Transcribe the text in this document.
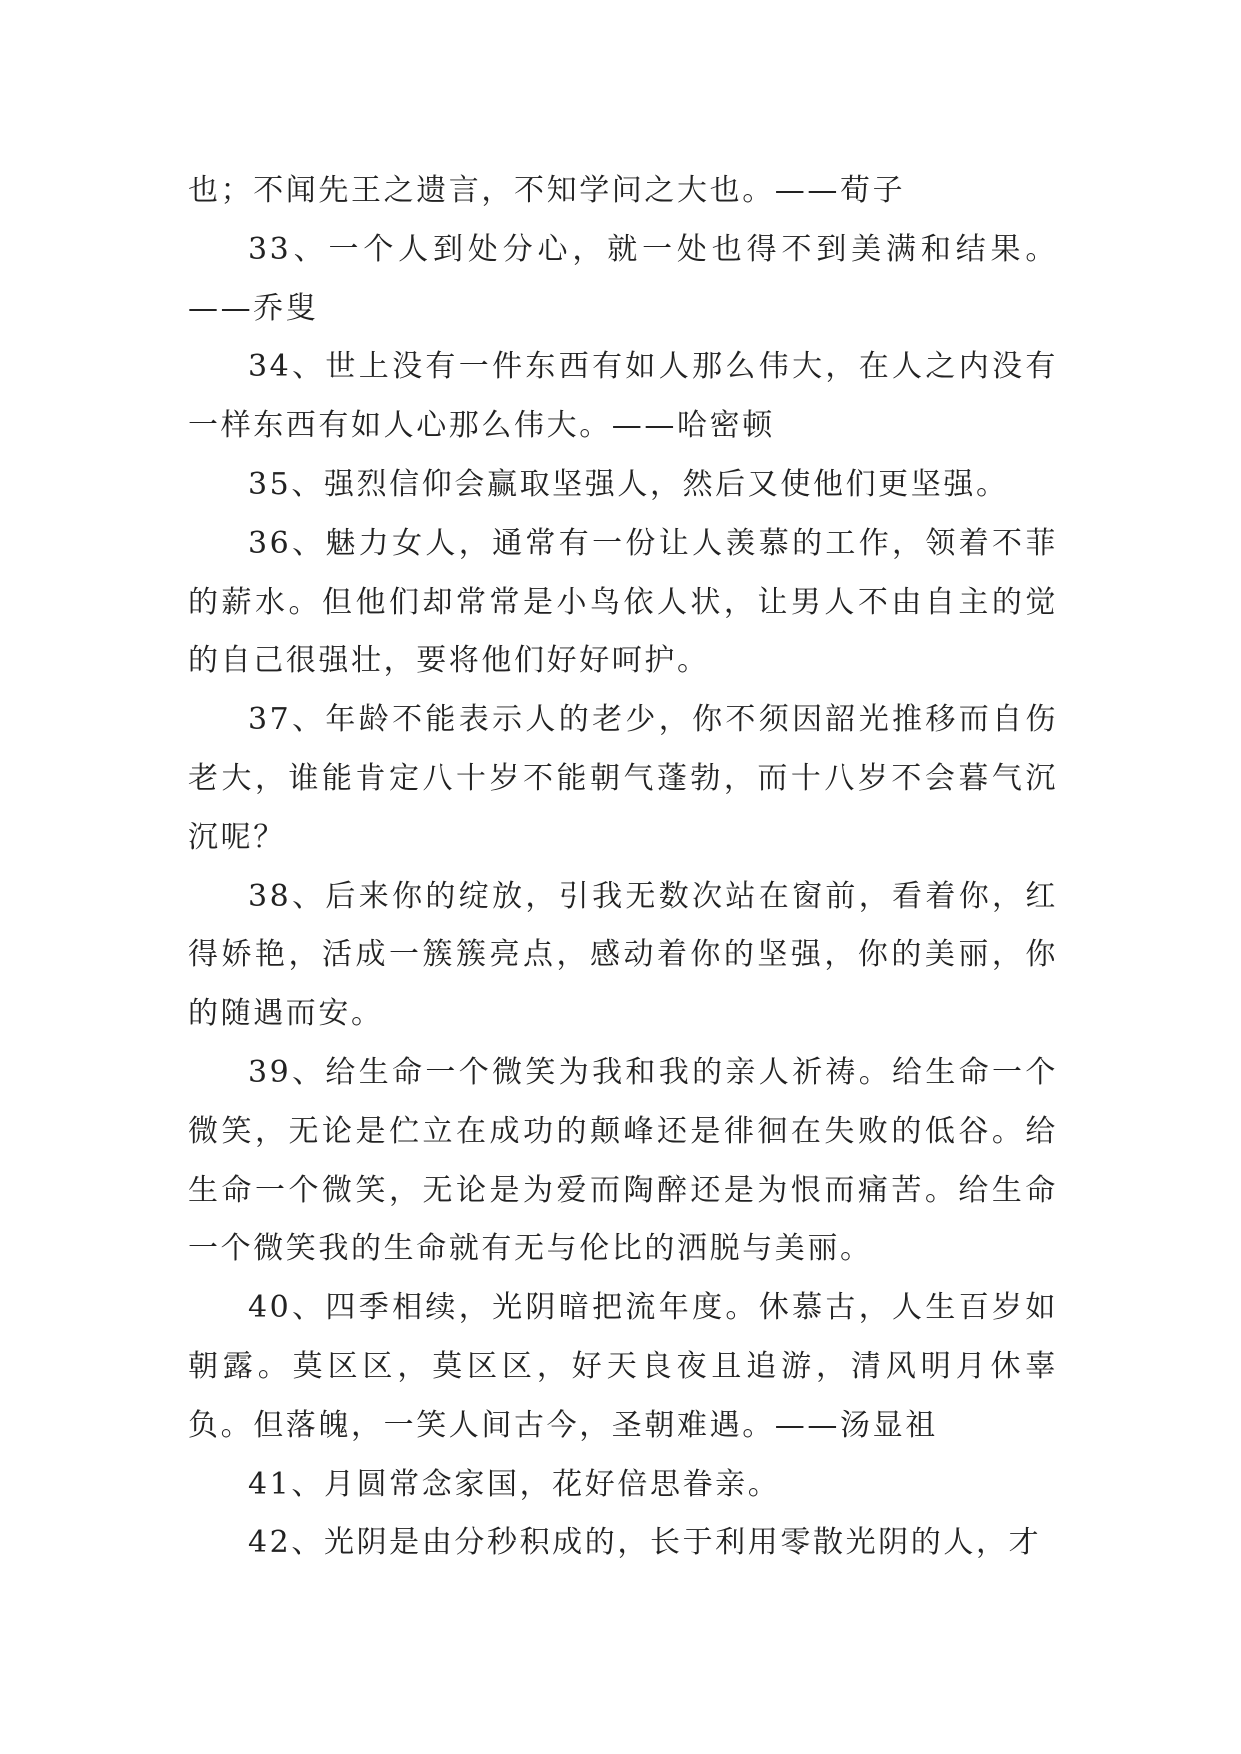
也；不闻先王之遗言，不知学问之大也。——荀子

33、一个人到处分心，就一处也得不到美满和结果。——乔叟

34、世上没有一件东西有如人那么伟大，在人之内没有一样东西有如人心那么伟大。——哈密顿

35、强烈信仰会赢取坚强人，然后又使他们更坚强。

36、魅力女人，通常有一份让人羡慕的工作，领着不菲的薪水。但他们却常常是小鸟依人状，让男人不由自主的觉的自己很强壮，要将他们好好呵护。

37、年龄不能表示人的老少，你不须因韶光推移而自伤老大，谁能肯定八十岁不能朝气蓬勃，而十八岁不会暮气沉沉呢？

38、后来你的绽放，引我无数次站在窗前，看着你，红得娇艳，活成一簇簇亮点，感动着你的坚强，你的美丽，你的随遇而安。

39、给生命一个微笑为我和我的亲人祈祷。给生命一个微笑，无论是伫立在成功的颠峰还是徘徊在失败的低谷。给生命一个微笑，无论是为爱而陶醉还是为恨而痛苦。给生命一个微笑我的生命就有无与伦比的洒脱与美丽。

40、四季相续，光阴暗把流年度。休慕古，人生百岁如朝露。莫区区，莫区区，好天良夜且追游，清风明月休辜负。但落魄，一笑人间古今，圣朝难遇。——汤显祖

41、月圆常念家国，花好倍思眷亲。

42、光阴是由分秒积成的，长于利用零散光阴的人，才
